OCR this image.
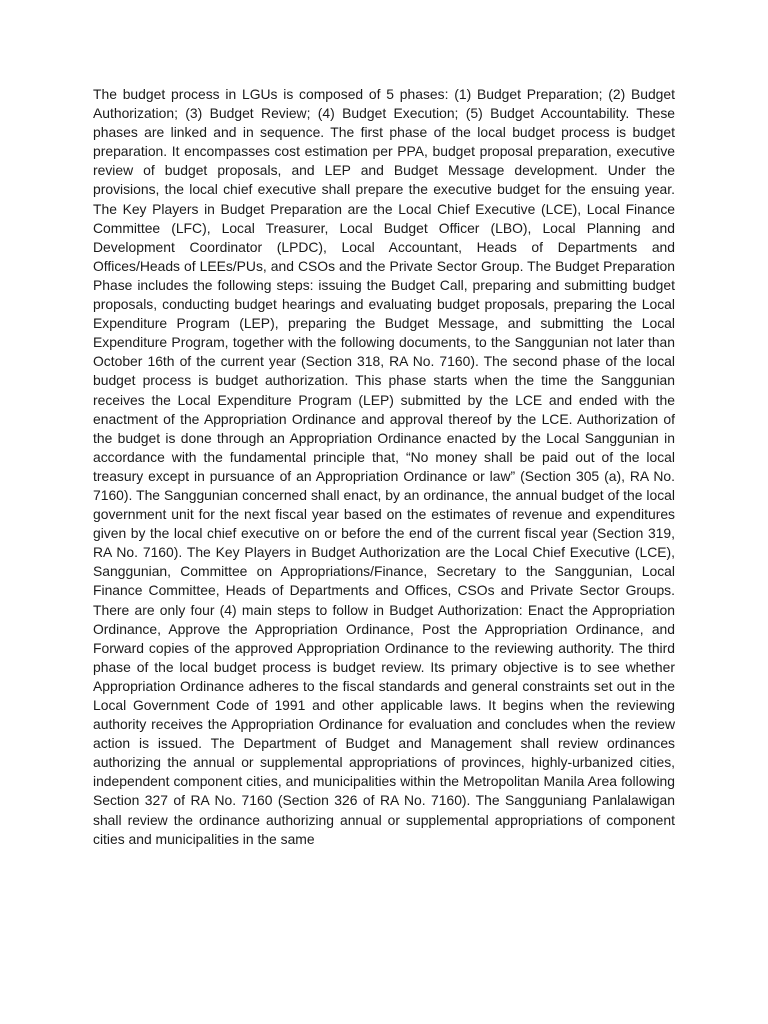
The budget process in LGUs is composed of 5 phases: (1) Budget Preparation; (2) Budget Authorization; (3) Budget Review; (4) Budget Execution; (5) Budget Accountability. These phases are linked and in sequence. The first phase of the local budget process is budget preparation. It encompasses cost estimation per PPA, budget proposal preparation, executive review of budget proposals, and LEP and Budget Message development. Under the provisions, the local chief executive shall prepare the executive budget for the ensuing year. The Key Players in Budget Preparation are the Local Chief Executive (LCE), Local Finance Committee (LFC), Local Treasurer, Local Budget Officer (LBO), Local Planning and Development Coordinator (LPDC), Local Accountant, Heads of Departments and Offices/Heads of LEEs/PUs, and CSOs and the Private Sector Group. The Budget Preparation Phase includes the following steps: issuing the Budget Call, preparing and submitting budget proposals, conducting budget hearings and evaluating budget proposals, preparing the Local Expenditure Program (LEP), preparing the Budget Message, and submitting the Local Expenditure Program, together with the following documents, to the Sanggunian not later than October 16th of the current year (Section 318, RA No. 7160). The second phase of the local budget process is budget authorization. This phase starts when the time the Sanggunian receives the Local Expenditure Program (LEP) submitted by the LCE and ended with the enactment of the Appropriation Ordinance and approval thereof by the LCE. Authorization of the budget is done through an Appropriation Ordinance enacted by the Local Sanggunian in accordance with the fundamental principle that, “No money shall be paid out of the local treasury except in pursuance of an Appropriation Ordinance or law” (Section 305 (a), RA No. 7160). The Sanggunian concerned shall enact, by an ordinance, the annual budget of the local government unit for the next fiscal year based on the estimates of revenue and expenditures given by the local chief executive on or before the end of the current fiscal year (Section 319, RA No. 7160). The Key Players in Budget Authorization are the Local Chief Executive (LCE), Sanggunian, Committee on Appropriations/Finance, Secretary to the Sanggunian, Local Finance Committee, Heads of Departments and Offices, CSOs and Private Sector Groups. There are only four (4) main steps to follow in Budget Authorization: Enact the Appropriation Ordinance, Approve the Appropriation Ordinance, Post the Appropriation Ordinance, and Forward copies of the approved Appropriation Ordinance to the reviewing authority. The third phase of the local budget process is budget review. Its primary objective is to see whether Appropriation Ordinance adheres to the fiscal standards and general constraints set out in the Local Government Code of 1991 and other applicable laws. It begins when the reviewing authority receives the Appropriation Ordinance for evaluation and concludes when the review action is issued. The Department of Budget and Management shall review ordinances authorizing the annual or supplemental appropriations of provinces, highly-urbanized cities, independent component cities, and municipalities within the Metropolitan Manila Area following Section 327 of RA No. 7160 (Section 326 of RA No. 7160). The Sangguniang Panlalawigan shall review the ordinance authorizing annual or supplemental appropriations of component cities and municipalities in the same
